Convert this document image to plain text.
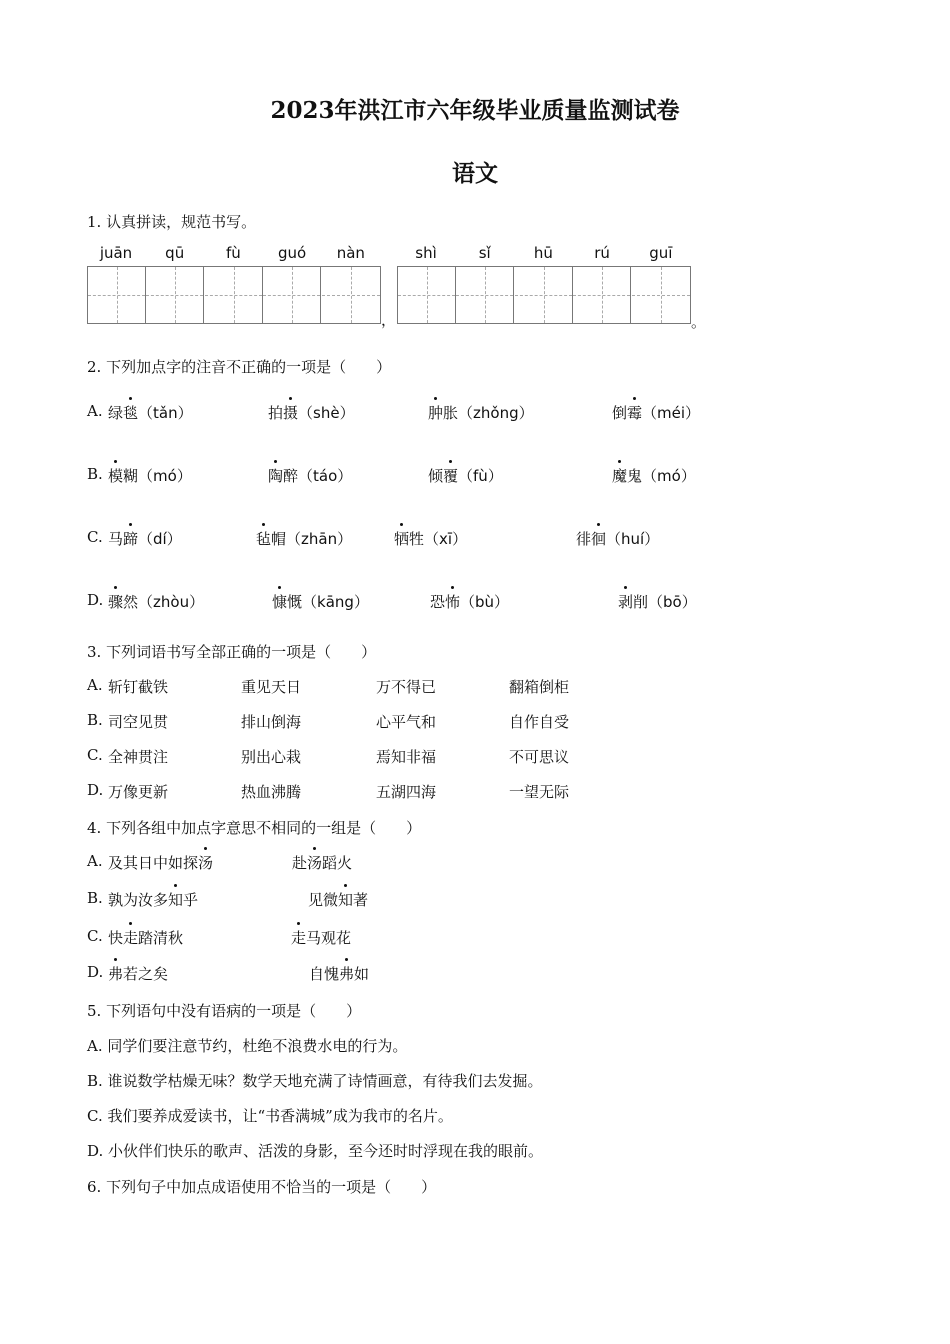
2023年洪江市六年级毕业质量监测试卷
语文
1. 认真拼读，规范书写。
juān	qū	fù	guó	nàn	shì	sǐ	hū	rú	guī
，	。
2. 下列加点字的注音不正确的一项是（　　）
A. 绿毯（tǎn）	拍摄（shè）	肿胀（zhǒng）	倒霉（méi）
B. 模糊（mó）	陶醉（táo）	倾覆（fù）	魔鬼（mó）
C. 马蹄（dí）	毡帽（zhān）	牺牲（xī）	徘徊（huí）
D. 骤然（zhòu）	慷慨（kāng）	恐怖（bù）	剥削（bō）
3. 下列词语书写全部正确的一项是（　　）
A. 斩钉截铁	重见天日	万不得已	翻箱倒柜
B. 司空见贯	排山倒海	心平气和	自作自受
C. 全神贯注	别出心栽	焉知非福	不可思议
D. 万像更新	热血沸腾	五湖四海	一望无际
4. 下列各组中加点字意思不相同的一组是（　　）
A. 及其日中如探汤	赴汤蹈火
B. 孰为汝多知乎	见微知著
C. 快走踏清秋	走马观花
D. 弗若之矣	自愧弗如
5. 下列语句中没有语病的一项是（　　）
A. 同学们要注意节约，杜绝不浪费水电的行为。
B. 谁说数学枯燥无味？数学天地充满了诗情画意，有待我们去发掘。
C. 我们要养成爱读书，让“书香满城”成为我市的名片。
D. 小伙伴们快乐的歌声、活泼的身影，至今还时时浮现在我的眼前。
6. 下列句子中加点成语使用不恰当的一项是（　　）
